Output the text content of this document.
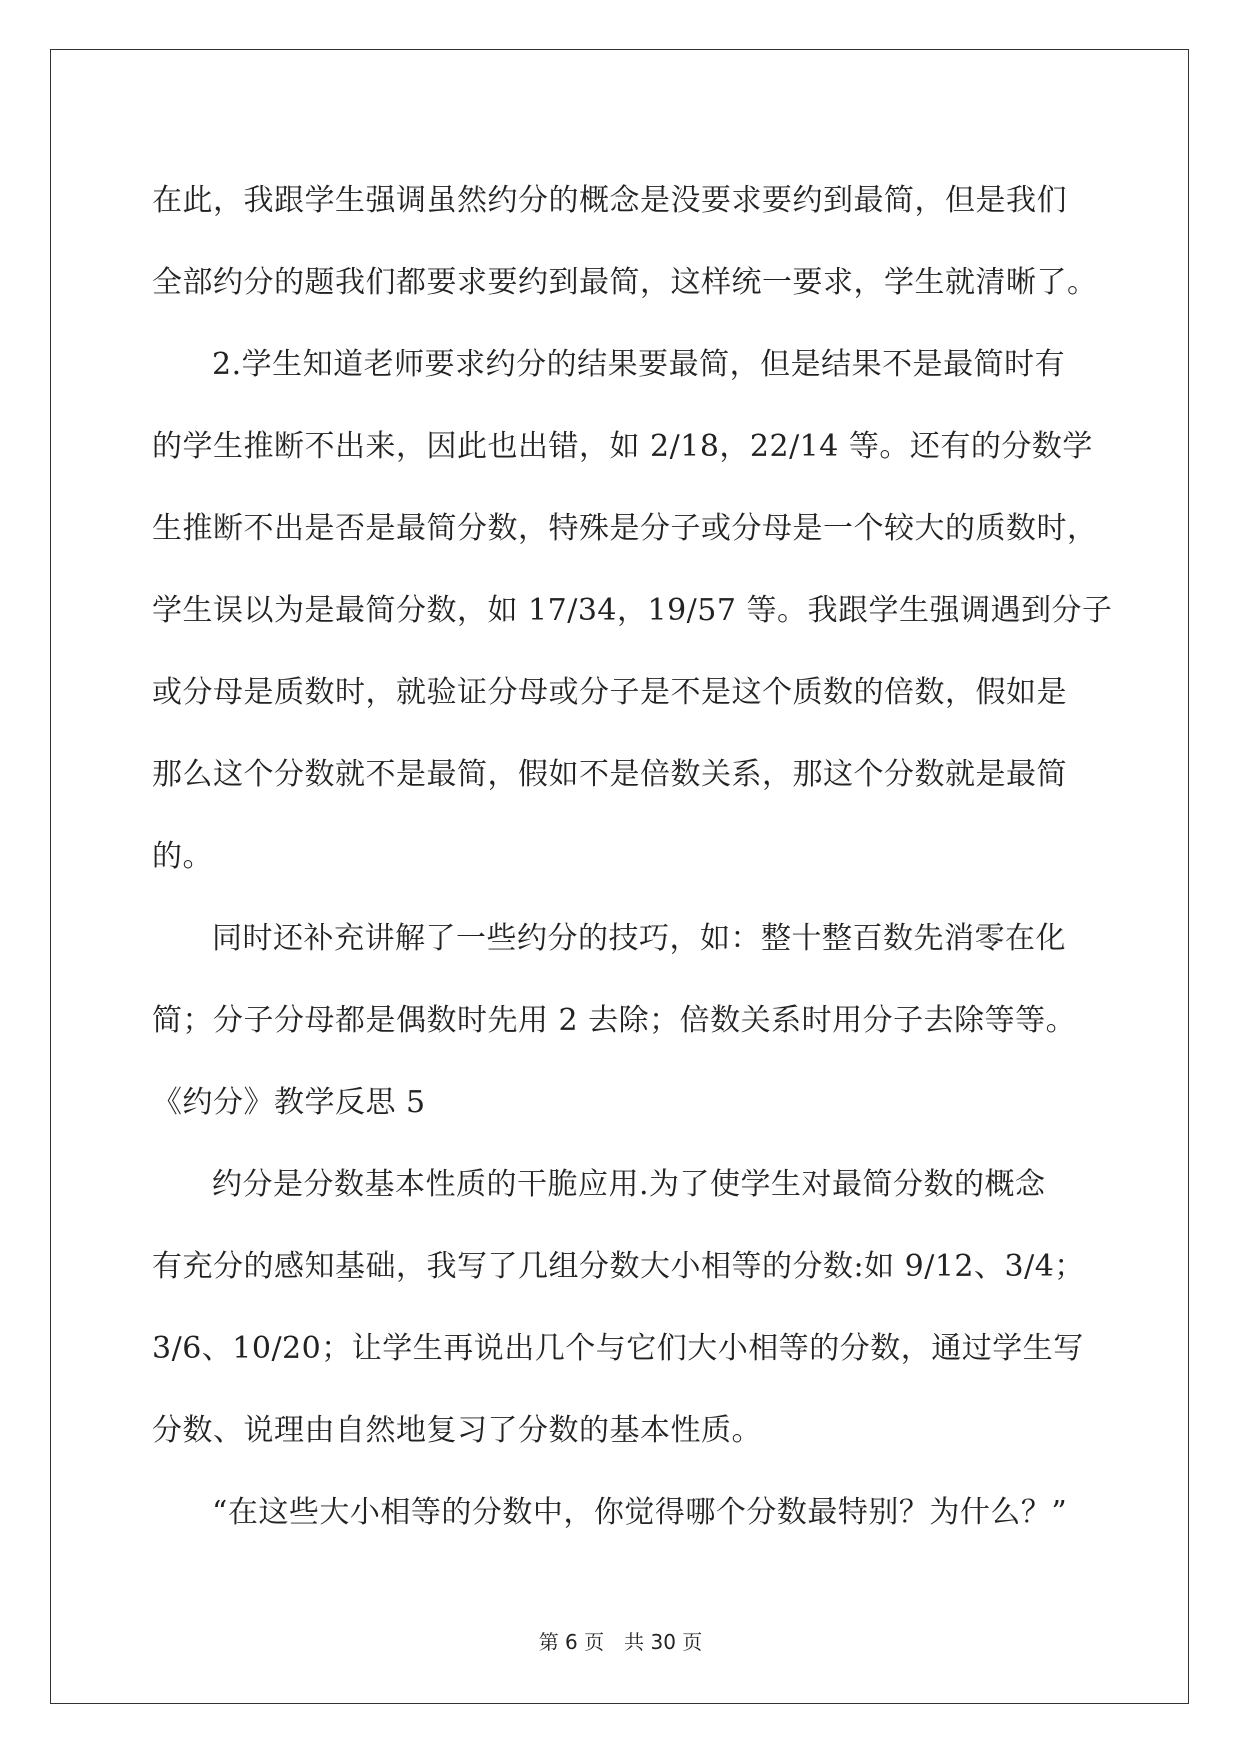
在此，我跟学生强调虽然约分的概念是没要求要约到最简，但是我们
全部约分的题我们都要求要约到最简，这样统一要求，学生就清晰了。
2.学生知道老师要求约分的结果要最简，但是结果不是最简时有
的学生推断不出来，因此也出错，如 2/18，22/14 等。还有的分数学
生推断不出是否是最简分数，特殊是分子或分母是一个较大的质数时，
学生误以为是最简分数，如 17/34，19/57 等。我跟学生强调遇到分子
或分母是质数时，就验证分母或分子是不是这个质数的倍数，假如是
那么这个分数就不是最简，假如不是倍数关系，那这个分数就是最简
的。
同时还补充讲解了一些约分的技巧，如：整十整百数先消零在化
简；分子分母都是偶数时先用 2 去除；倍数关系时用分子去除等等。
《约分》教学反思 5
约分是分数基本性质的干脆应用.为了使学生对最简分数的概念
有充分的感知基础，我写了几组分数大小相等的分数:如 9/12、3/4；
3/6、10/20；让学生再说出几个与它们大小相等的分数，通过学生写
分数、说理由自然地复习了分数的基本性质。
“在这些大小相等的分数中，你觉得哪个分数最特别？为什么？”
第 6 页　共 30 页
